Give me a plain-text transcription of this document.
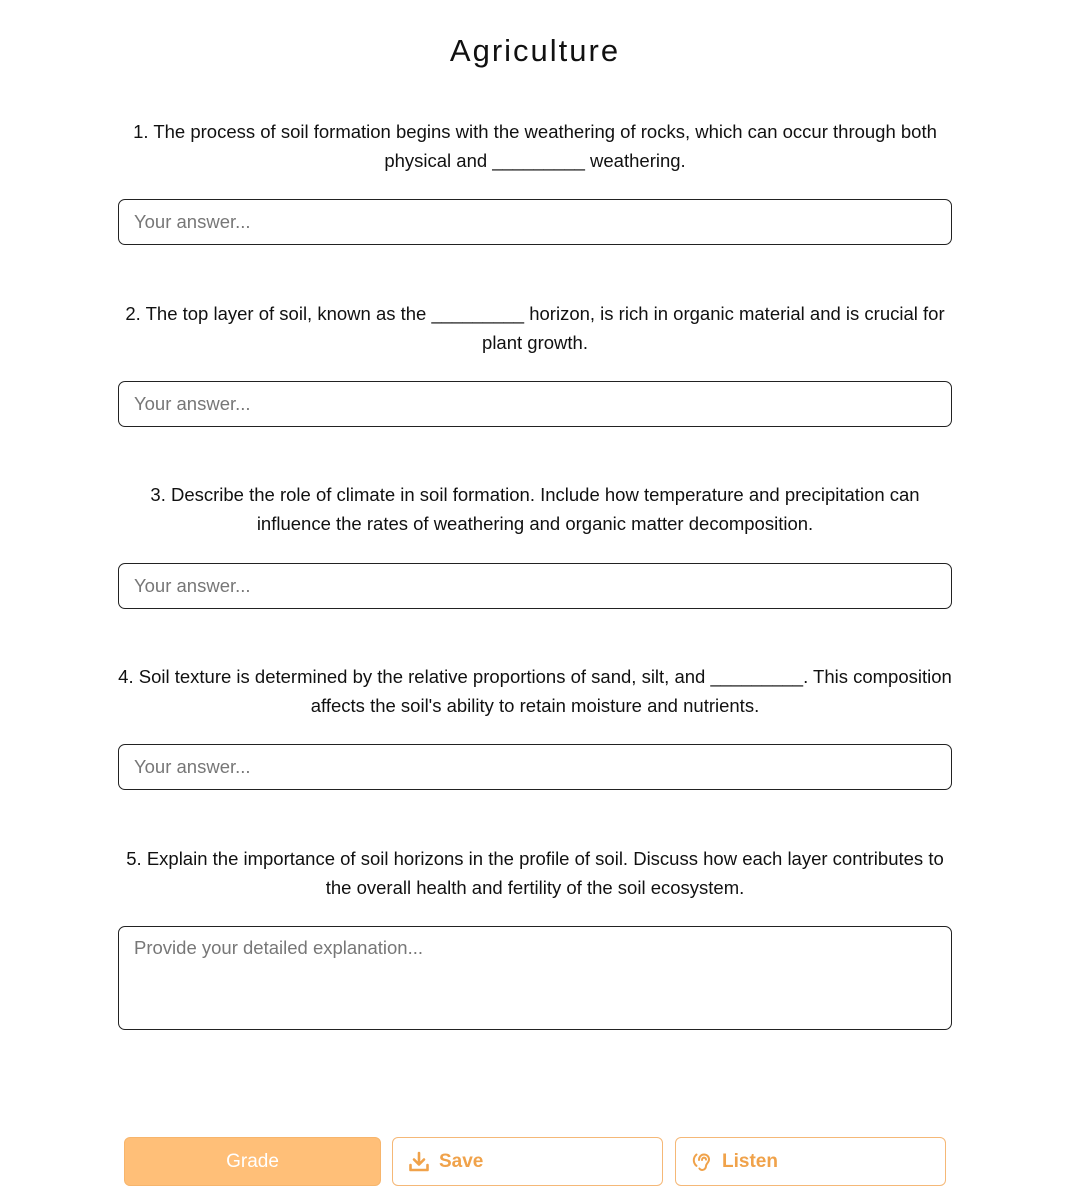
Agriculture

1. The process of soil formation begins with the weathering of rocks, which can occur through both physical and _________ weathering.

Your answer...

2. The top layer of soil, known as the _________ horizon, is rich in organic material and is crucial for plant growth.

Your answer...

3. Describe the role of climate in soil formation. Include how temperature and precipitation can influence the rates of weathering and organic matter decomposition.

Your answer...

4. Soil texture is determined by the relative proportions of sand, silt, and _________. This composition affects the soil's ability to retain moisture and nutrients.

Your answer...

5. Explain the importance of soil horizons in the profile of soil. Discuss how each layer contributes to the overall health and fertility of the soil ecosystem.

Provide your detailed explanation...
Grade	Save	Listen
